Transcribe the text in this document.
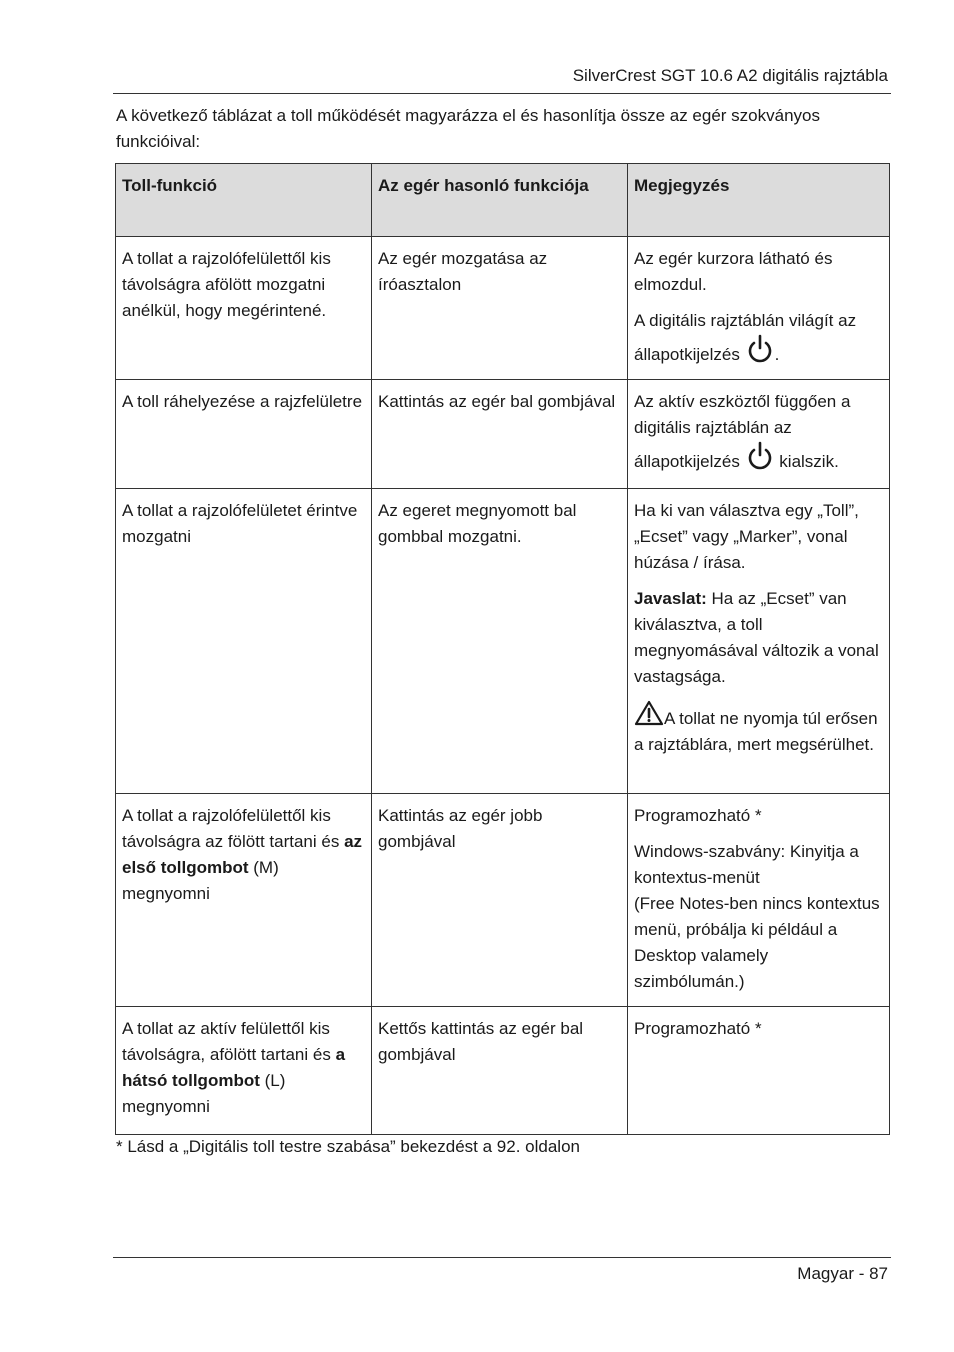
SilverCrest SGT 10.6 A2 digitális rajztábla
A következő táblázat a toll működését magyarázza el és hasonlítja össze az egér szokványos funkcióival:
Toll-funkció	Az egér hasonló funkciója	Megjegyzés
A tollat a rajzolófelülettől kis távolságra afölött mozgatni anélkül, hogy megérintené.	Az egér mozgatása az íróasztalon	Az egér kurzora látható és elmozdul.

A digitális rajztáblán világít az állapotkijelzés .

A toll ráhelyezése a rajzfelületre	Kattintás az egér bal gombjával	Az aktív eszköztől függően a digitális rajztáblán az állapotkijelzés  kialszik.
A tollat a rajzolófelületet érintve mozgatni	Az egeret megnyomott bal gombbal mozgatni.	Ha ki van választva egy „Toll”, „Ecset” vagy „Marker”, vonal húzása / írása.

Javaslat: Ha az „Ecset” van kiválasztva, a toll megnyomásával változik a vonal vastagsága.

A tollat ne nyomja túl erősen a rajztáblára, mert megsérülhet.

A tollat a rajzolófelülettől kis távolságra az fölött tartani és az első tollgombot (M) megnyomni	Kattintás az egér jobb gombjával	Programozható *

Windows-szabvány: Kinyitja a kontextus-menüt

(Free Notes-ben nincs kontextus menü, próbálja ki például a Desktop valamely szimbólumán.)

A tollat az aktív felülettől kis távolságra, afölött tartani és a hátsó tollgombot (L) megnyomni	Kettős kattintás az egér bal gombjával	Programozható *
* Lásd a „Digitális toll testre szabása” bekezdést a 92. oldalon
Magyar - 87
